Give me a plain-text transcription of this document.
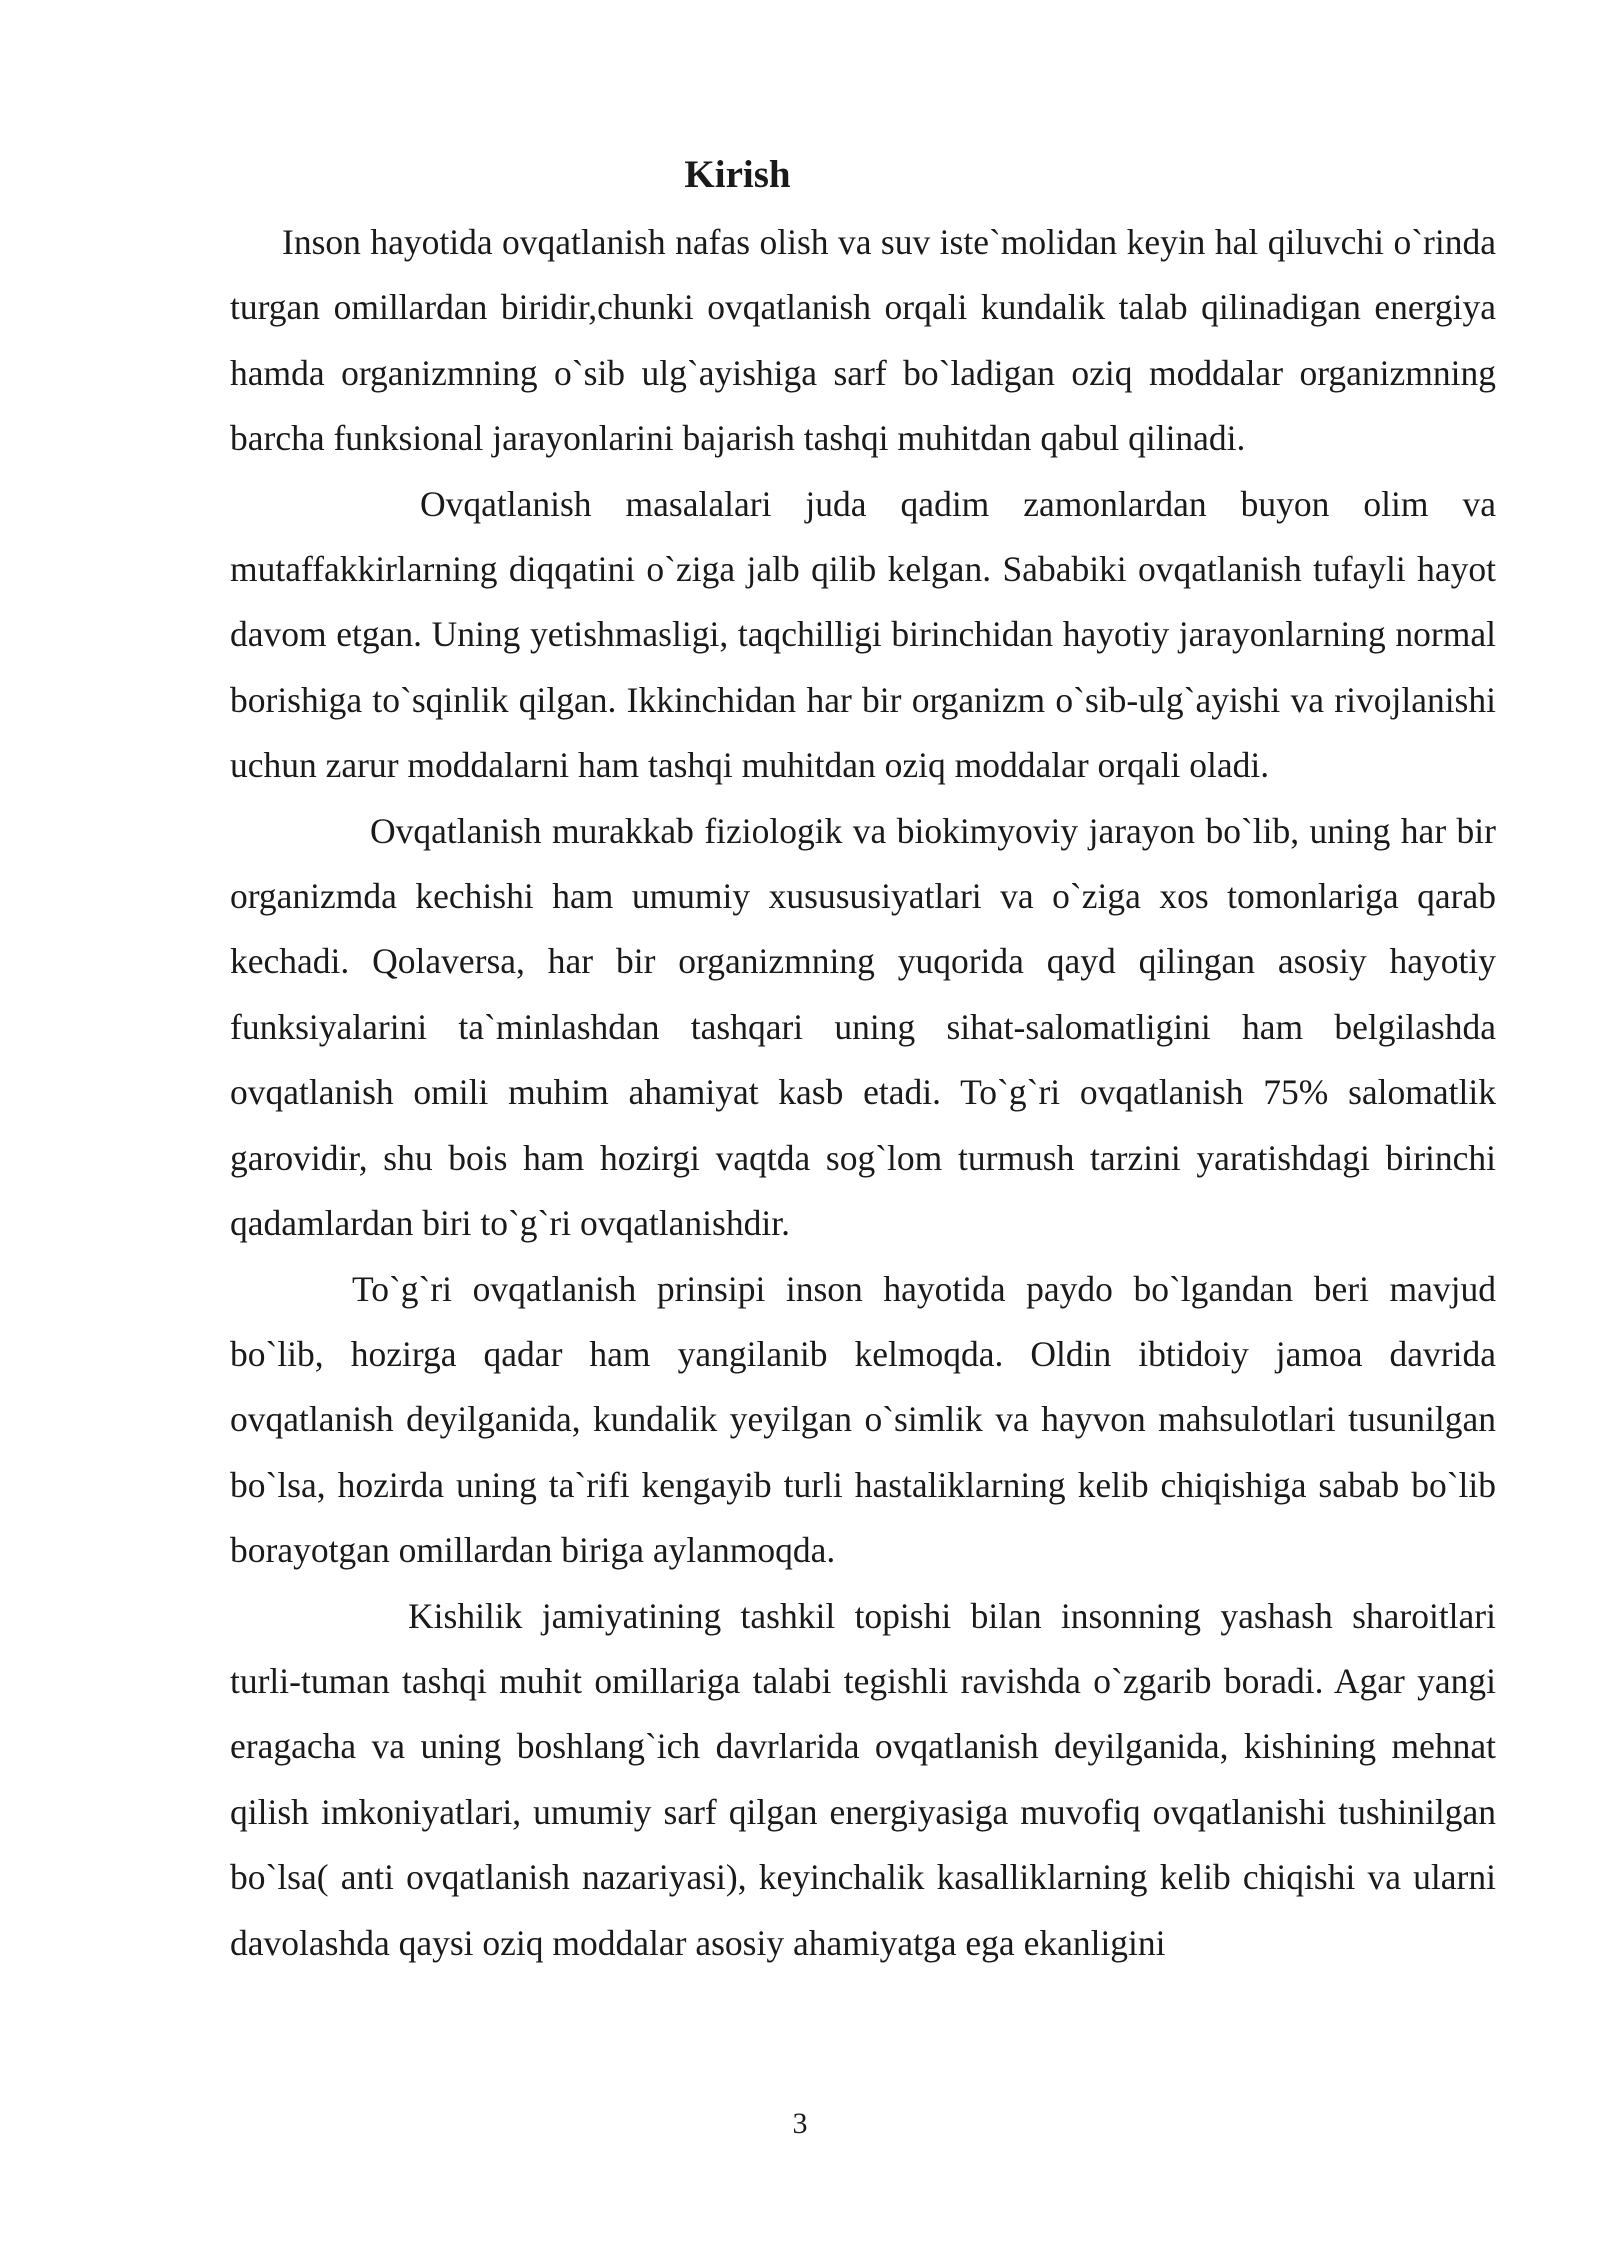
Kirish

Inson hayotida ovqatlanish nafas olish va suv iste`molidan keyin hal qiluvchi o`rinda turgan omillardan biridir,chunki ovqatlanish orqali kundalik talab qilinadigan energiya hamda organizmning o`sib ulg`ayishiga sarf bo`ladigan oziq moddalar organizmning barcha funksional jarayonlarini bajarish tashqi muhitdan qabul qilinadi.

Ovqatlanish masalalari juda qadim zamonlardan buyon olim va mutaffakkirlarning diqqatini o`ziga jalb qilib kelgan. Sababiki ovqatlanish tufayli hayot davom etgan. Uning yetishmasligi, taqchilligi birinchidan hayotiy jarayonlarning normal borishiga to`sqinlik qilgan. Ikkinchidan har bir organizm o`sib-ulg`ayishi va rivojlanishi uchun zarur moddalarni ham tashqi muhitdan oziq moddalar orqali oladi.

Ovqatlanish murakkab fiziologik va biokimyoviy jarayon bo`lib, uning har bir organizmda kechishi ham umumiy xusususiyatlari va o`ziga xos tomonlariga qarab kechadi. Qolaversa, har bir organizmning yuqorida qayd qilingan asosiy hayotiy funksiyalarini ta`minlashdan tashqari uning sihat-salomatligini ham belgilashda ovqatlanish omili muhim ahamiyat kasb etadi. To`g`ri ovqatlanish 75% salomatlik garovidir, shu bois ham hozirgi vaqtda sog`lom turmush tarzini yaratishdagi birinchi qadamlardan biri to`g`ri ovqatlanishdir.

To`g`ri ovqatlanish prinsipi inson hayotida paydo bo`lgandan beri mavjud bo`lib, hozirga qadar ham yangilanib kelmoqda. Oldin ibtidoiy jamoa davrida ovqatlanish deyilganida, kundalik yeyilgan o`simlik va hayvon mahsulotlari tusunilgan bo`lsa, hozirda uning ta`rifi kengayib turli hastaliklarning kelib chiqishiga sabab bo`lib borayotgan omillardan biriga aylanmoqda.

Kishilik jamiyatining tashkil topishi bilan insonning yashash sharoitlari turli-tuman tashqi muhit omillariga talabi tegishli ravishda o`zgarib boradi. Agar yangi eragacha va uning boshlang`ich davrlarida ovqatlanish deyilganida, kishining mehnat qilish imkoniyatlari, umumiy sarf qilgan energiyasiga muvofiq ovqatlanishi tushinilgan bo`lsa( anti ovqatlanish nazariyasi), keyinchalik kasalliklarning kelib chiqishi va ularni davolashda qaysi oziq moddalar asosiy ahamiyatga ega ekanligini

3
